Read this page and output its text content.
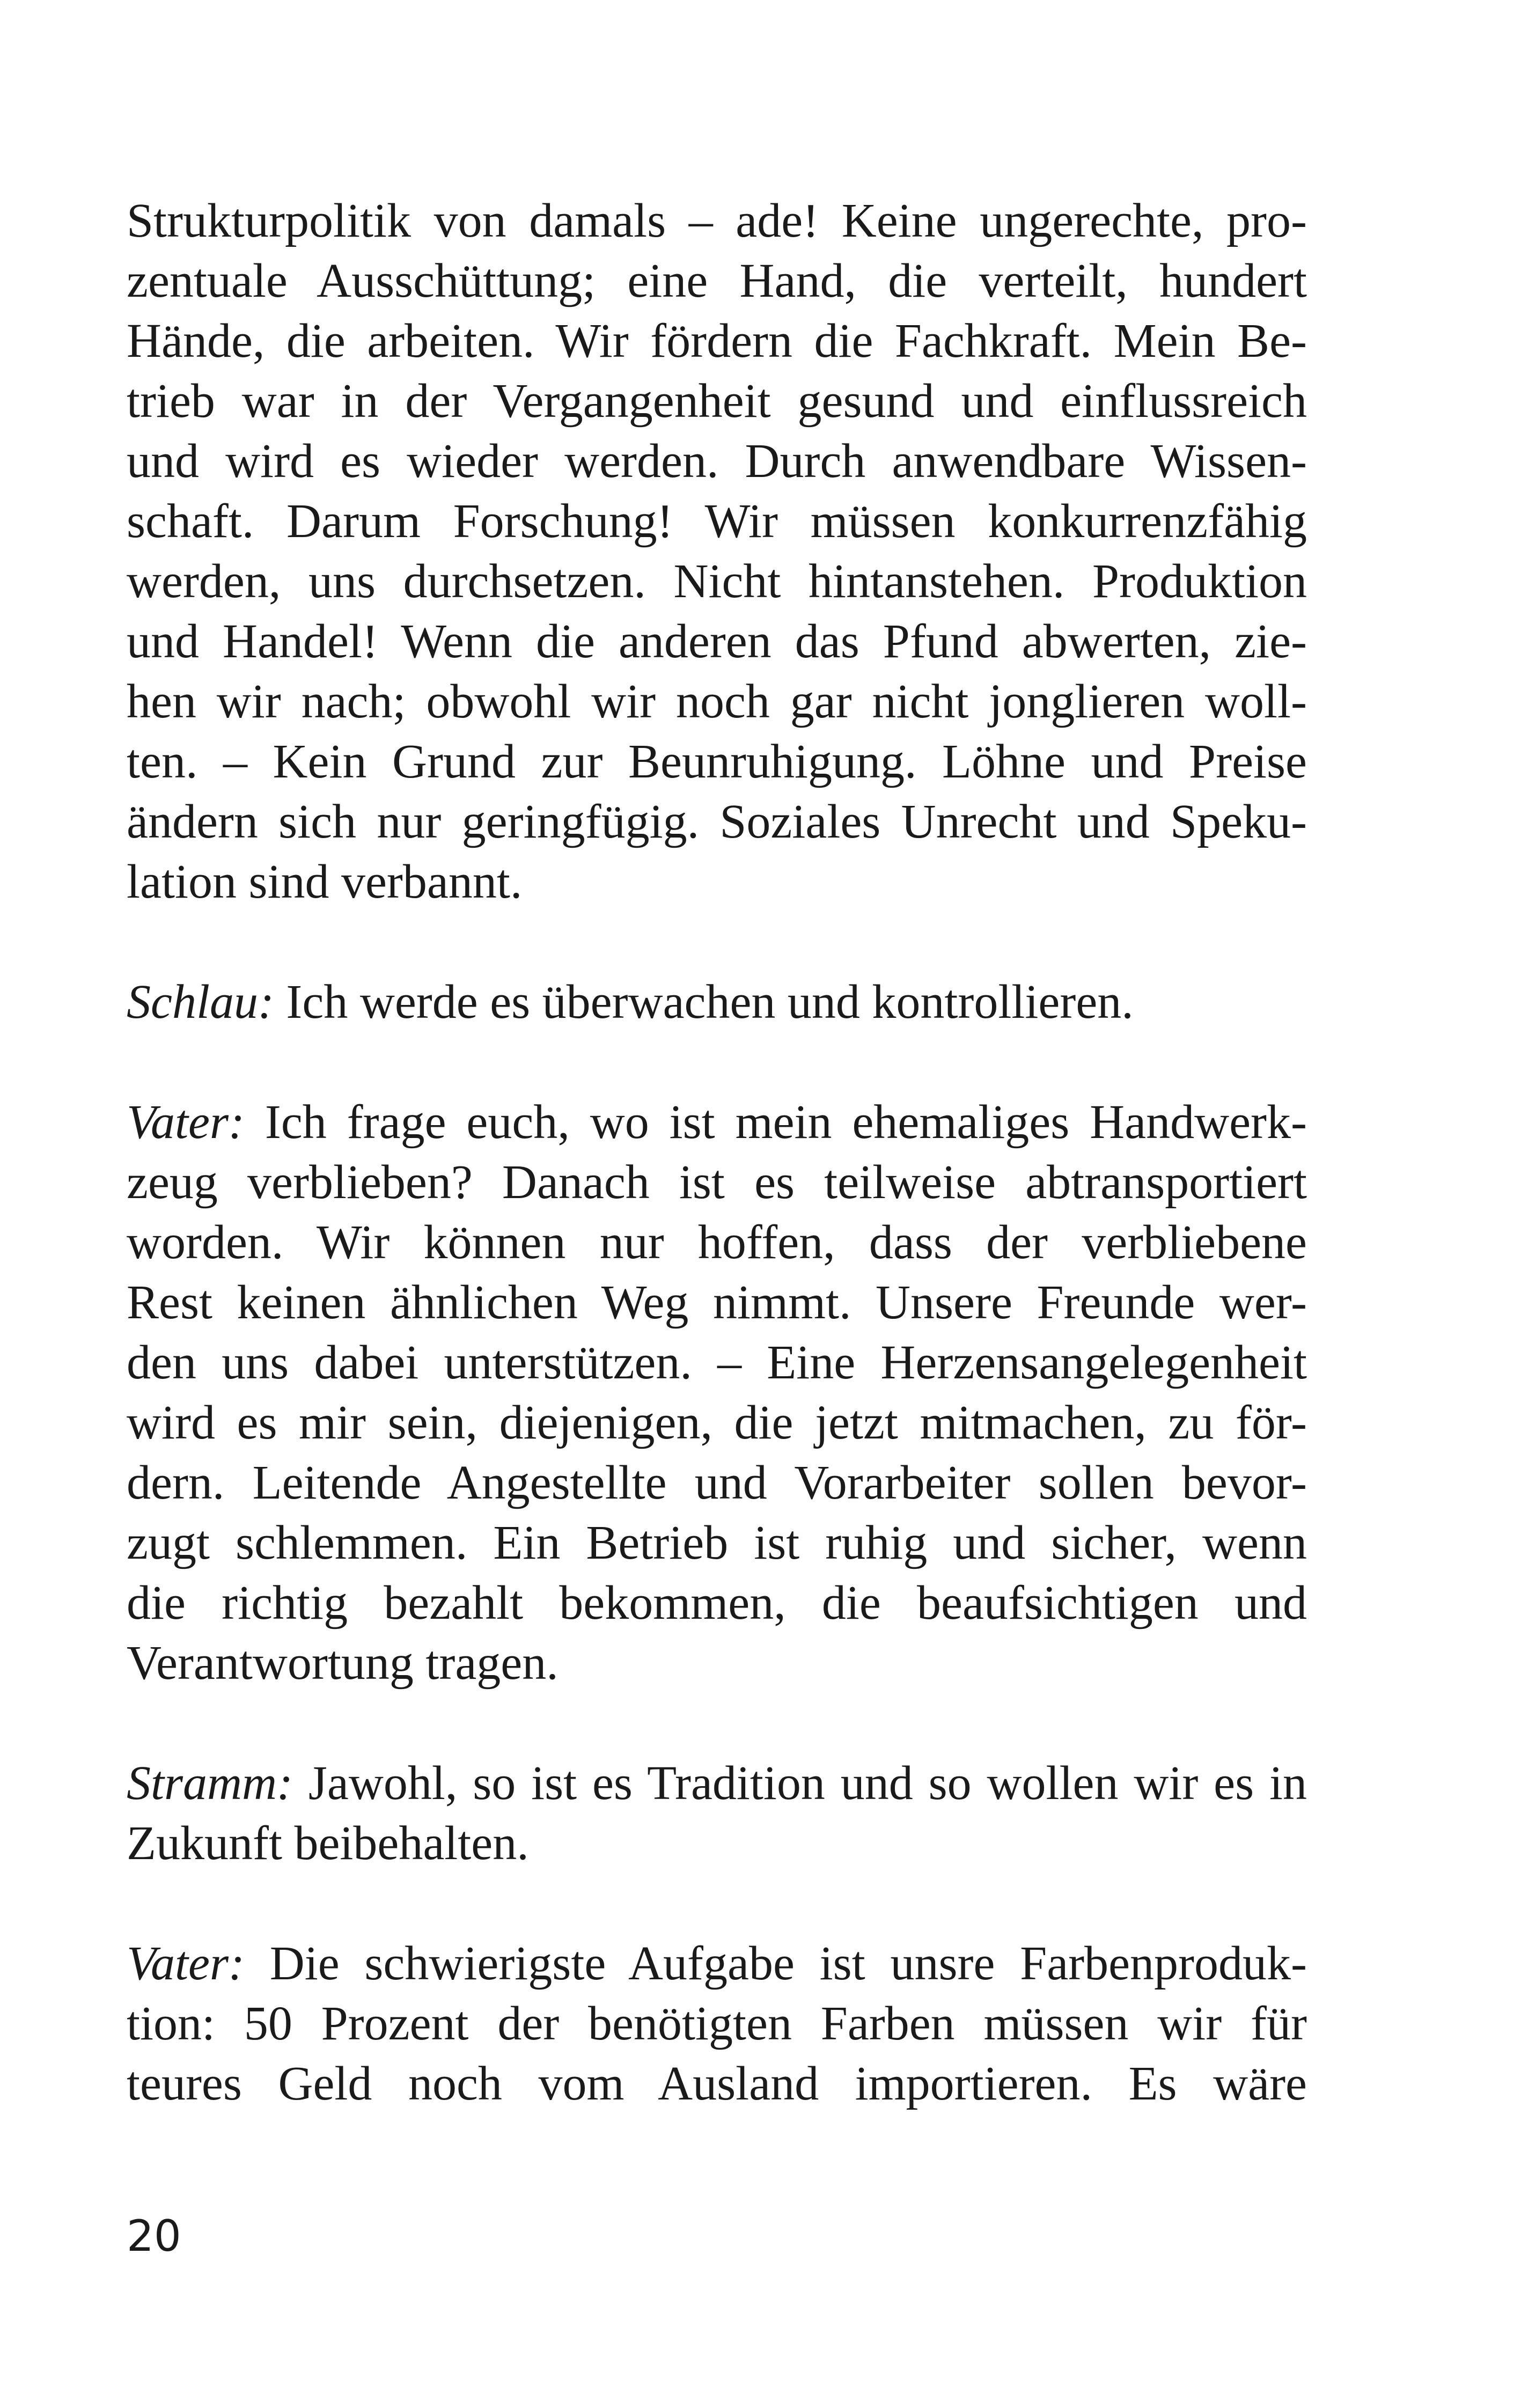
Strukturpolitik von damals – ade! Keine ungerechte, pro-
zentuale Ausschüttung; eine Hand, die verteilt, hundert
Hände, die arbeiten. Wir fördern die Fachkraft. Mein Be-
trieb war in der Vergangenheit gesund und einflussreich
und wird es wieder werden. Durch anwendbare Wissen-
schaft. Darum Forschung! Wir müssen konkurrenzfähig
werden, uns durchsetzen. Nicht hintanstehen. Produktion
und Handel! Wenn die anderen das Pfund abwerten, zie-
hen wir nach; obwohl wir noch gar nicht jonglieren woll-
ten. – Kein Grund zur Beunruhigung. Löhne und Preise
ändern sich nur geringfügig. Soziales Unrecht und Speku-
lation sind verbannt.
Schlau: Ich werde es überwachen und kontrollieren.
Vater: Ich frage euch, wo ist mein ehemaliges Handwerk-
zeug verblieben? Danach ist es teilweise abtransportiert
worden. Wir können nur hoffen, dass der verbliebene
Rest keinen ähnlichen Weg nimmt. Unsere Freunde wer-
den uns dabei unterstützen. – Eine Herzensangelegenheit
wird es mir sein, diejenigen, die jetzt mitmachen, zu för-
dern. Leitende Angestellte und Vorarbeiter sollen bevor-
zugt schlemmen. Ein Betrieb ist ruhig und sicher, wenn
die richtig bezahlt bekommen, die beaufsichtigen und
Verantwortung tragen.
Stramm: Jawohl, so ist es Tradition und so wollen wir es in
Zukunft beibehalten.
Vater: Die schwierigste Aufgabe ist unsre Farbenproduk-
tion: 50 Prozent der benötigten Farben müssen wir für
teures Geld noch vom Ausland importieren. Es wäre
20
